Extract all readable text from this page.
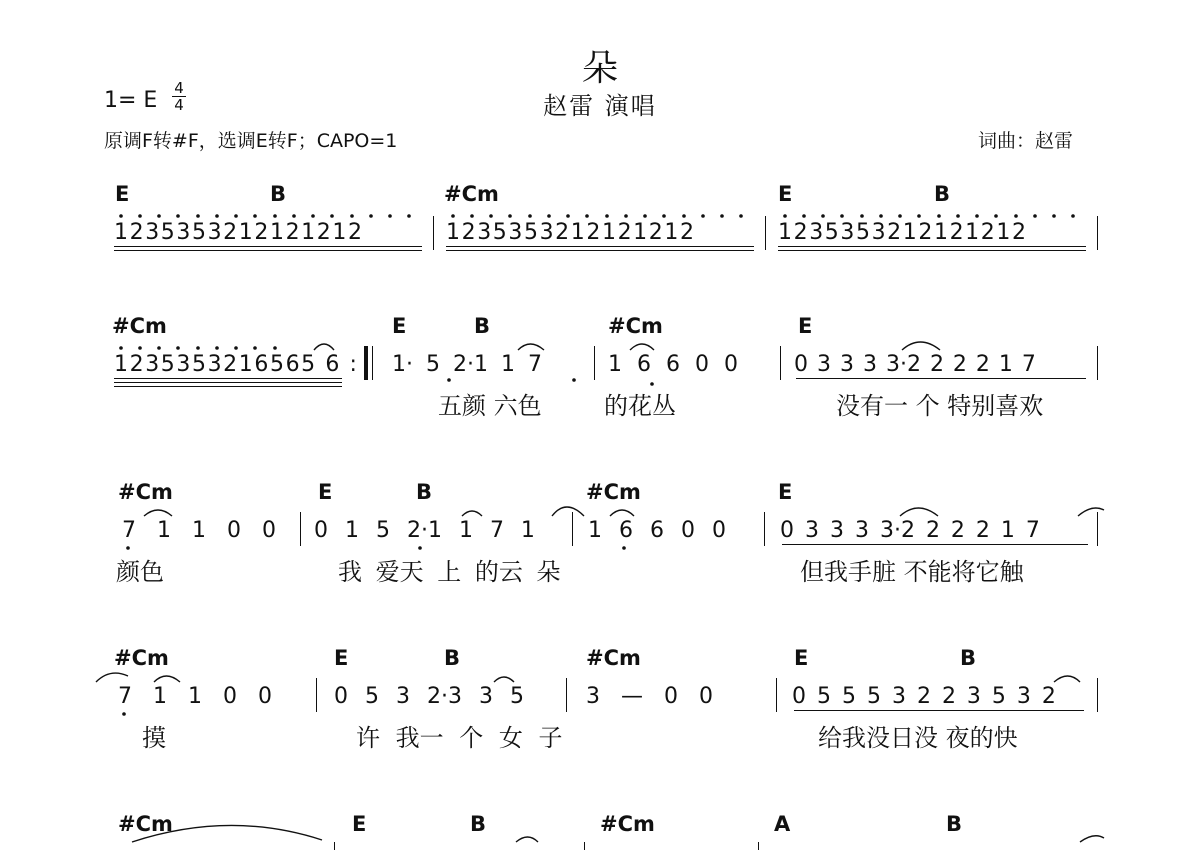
朵
赵雷 演唱
1= E 4
4
原调F转#F，选调E转F；CAPO=1	词曲：赵雷
E	B	#Cm	E	B
1235353212121212	1235353212121212	1235353212121212
#Cm	E	B	#Cm	E
1235353216565 6 : 1· 5 2·1 1 7	1 6 6 0 0	0 3 3 3 3·2 2 2 2 1 7
五颜 六色	的花丛	没有一 个 特别喜欢
#Cm	E	B	#Cm	E
7 1 1 0 0 0 1 5 2·1 1 7 1 1 6 6 0 0 0 3 3 3 3·2 2 2 2 1 7
颜色	我 爱天 上 的云 朵	但我手脏 不能将它触
#Cm	E	B	#Cm	E	B
7 1 1 0 0	0 5 3 2·3 3 5	3 — 0 0	0 5 5 5 3 2 2 3 5 3 2
摸	许 我一 个 女 子	给我没日没 夜的快
#Cm	E	B	#Cm	A	B
